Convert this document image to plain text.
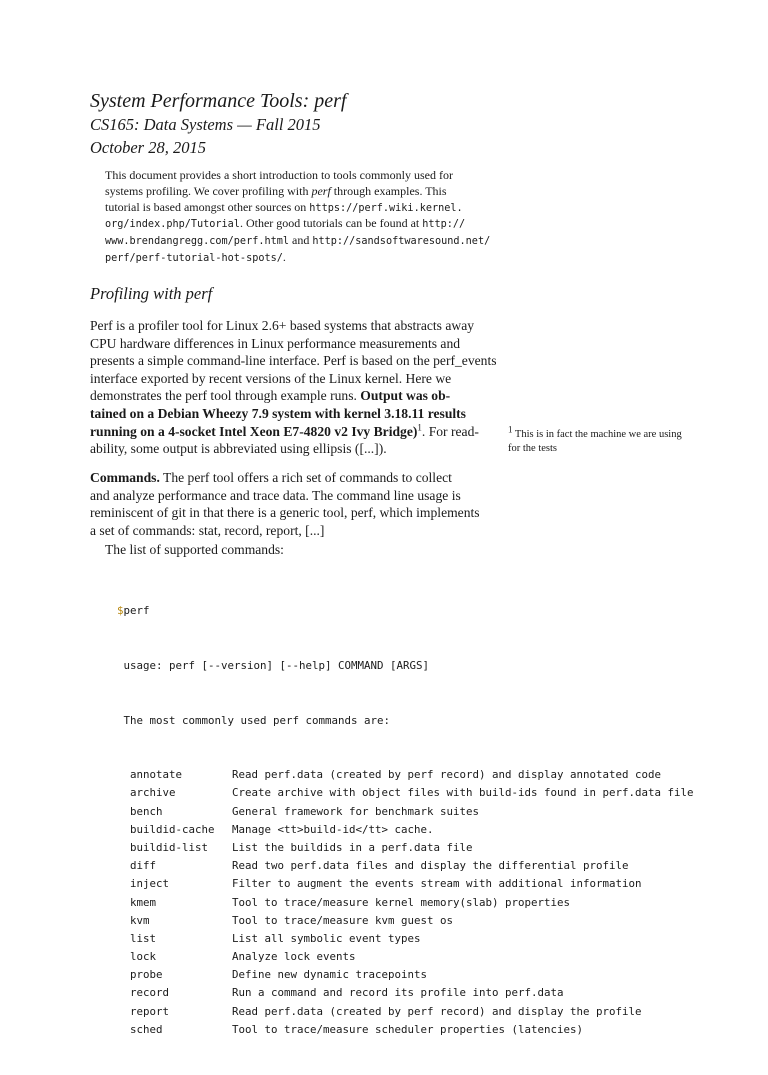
System Performance Tools: perf
CS165: Data Systems — Fall 2015
October 28, 2015
This document provides a short introduction to tools commonly used for
systems profiling. We cover profiling with perf through examples. This
tutorial is based amongst other sources on https://perf.wiki.kernel.
org/index.php/Tutorial. Other good tutorials can be found at http://
www.brendangregg.com/perf.html and http://sandsoftwaresound.net/
perf/perf-tutorial-hot-spots/.
Profiling with perf
Perf is a profiler tool for Linux 2.6+ based systems that abstracts away
CPU hardware differences in Linux performance measurements and
presents a simple command-line interface. Perf is based on the perf_events
interface exported by recent versions of the Linux kernel. Here we
demonstrates the perf tool through example runs. Output was ob-
tained on a Debian Wheezy 7.9 system with kernel 3.18.11 results
running on a 4-socket Intel Xeon E7-4820 v2 Ivy Bridge)$^1$. For read-
ability, some output is abbreviated using ellipsis ([...]).
$^1$ This is in fact the machine we are using
for the tests
Commands. The perf tool offers a rich set of commands to collect
and analyze performance and trace data. The command line usage is
reminiscent of git in that there is a generic tool, perf, which implements
a set of commands: stat, record, report, [...]
The list of supported commands:

$perf

usage: perf [--version] [--help] COMMAND [ARGS]

The most commonly used perf commands are:

annotate	Read perf.data (created by perf record) and display annotated code
archive	Create archive with object files with build-ids found in perf.data file
bench	General framework for benchmark suites
buildid-cache Manage <tt>build-id</tt> cache.
buildid-list List the buildids in a perf.data file
diff	Read two perf.data files and display the differential profile
inject	Filter to augment the events stream with additional information
kmem	Tool to trace/measure kernel memory(slab) properties
kvm	Tool to trace/measure kvm guest os
list	List all symbolic event types
lock	Analyze lock events
probe	Define new dynamic tracepoints
record	Run a command and record its profile into perf.data
report	Read perf.data (created by perf record) and display the profile
sched	Tool to trace/measure scheduler properties (latencies)
